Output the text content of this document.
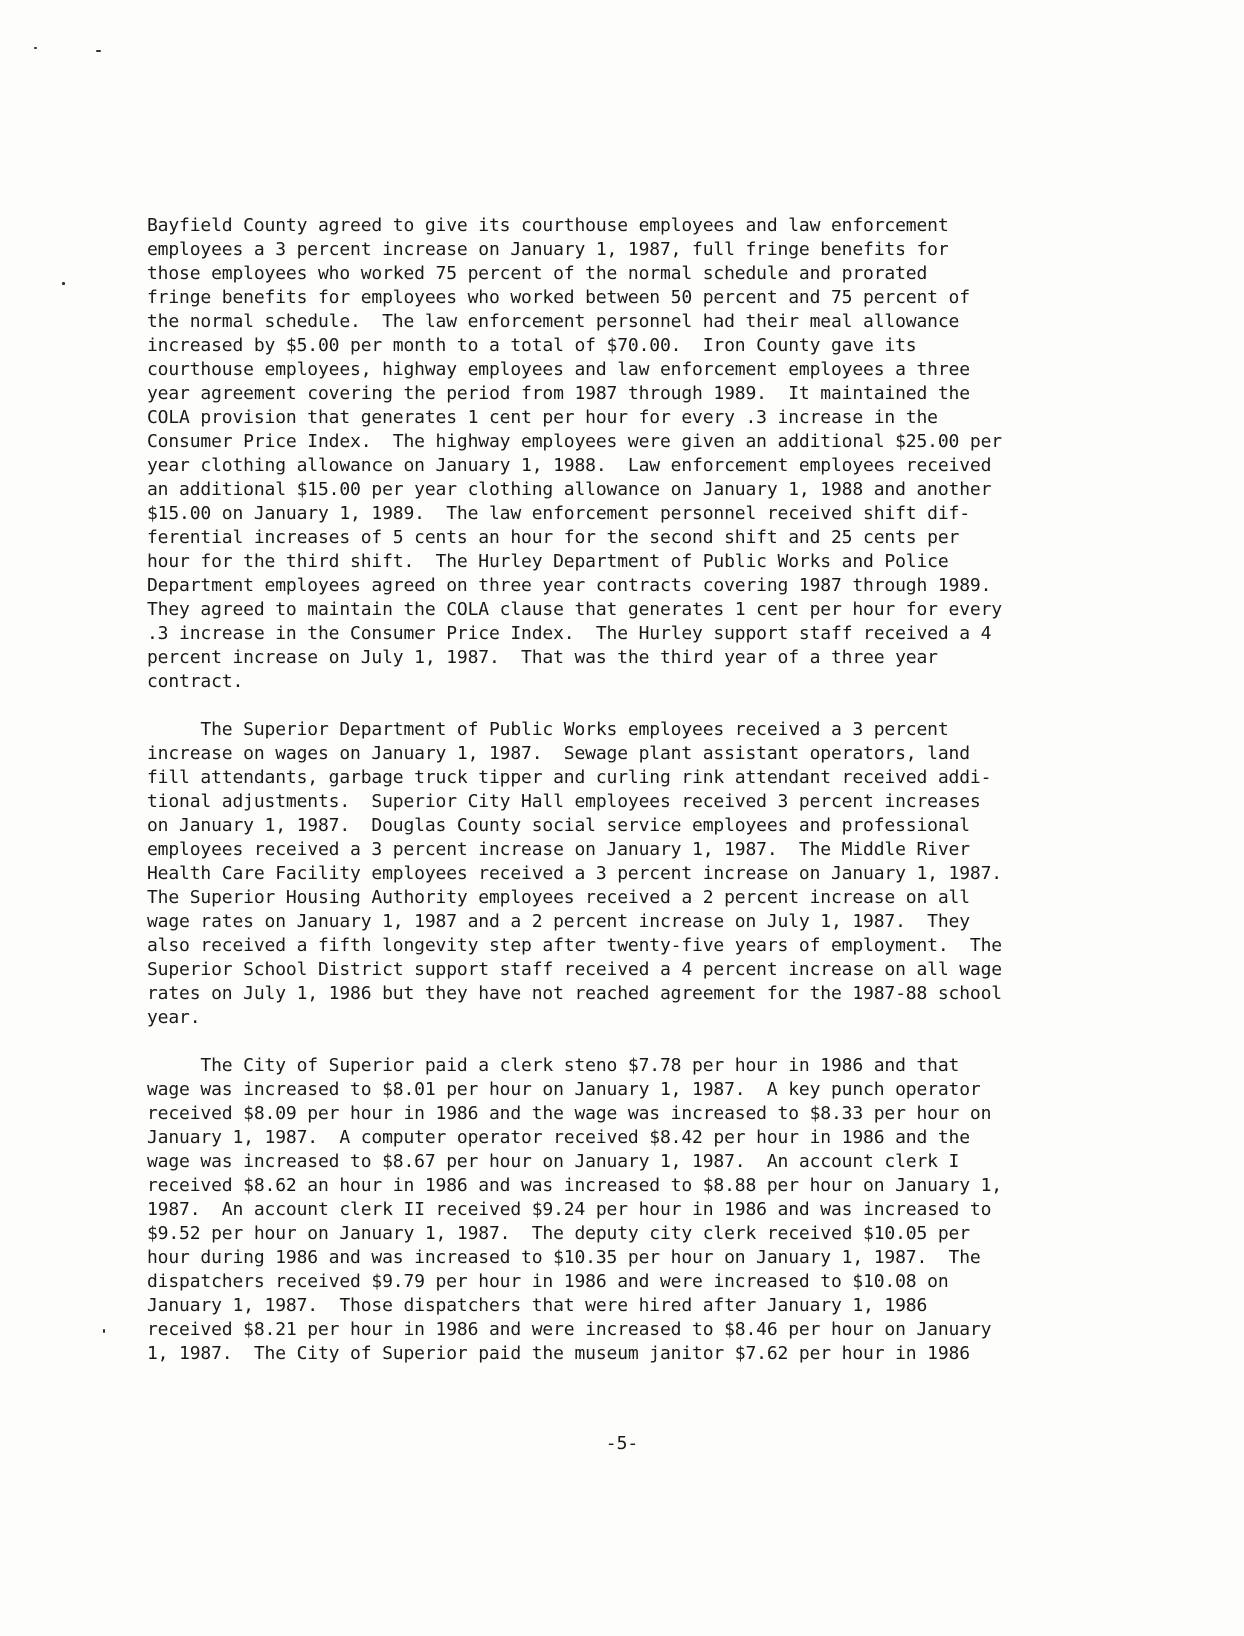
Bayfield County agreed to give its courthouse employees and law enforcement
employees a 3 percent increase on January 1, 1987, full fringe benefits for
those employees who worked 75 percent of the normal schedule and prorated
fringe benefits for employees who worked between 50 percent and 75 percent of
the normal schedule.  The law enforcement personnel had their meal allowance
increased by $5.00 per month to a total of $70.00.  Iron County gave its
courthouse employees, highway employees and law enforcement employees a three
year agreement covering the period from 1987 through 1989.  It maintained the
COLA provision that generates 1 cent per hour for every .3 increase in the
Consumer Price Index.  The highway employees were given an additional $25.00 per
year clothing allowance on January 1, 1988.  Law enforcement employees received
an additional $15.00 per year clothing allowance on January 1, 1988 and another
$15.00 on January 1, 1989.  The law enforcement personnel received shift dif-
ferential increases of 5 cents an hour for the second shift and 25 cents per
hour for the third shift.  The Hurley Department of Public Works and Police
Department employees agreed on three year contracts covering 1987 through 1989.
They agreed to maintain the COLA clause that generates 1 cent per hour for every
.3 increase in the Consumer Price Index.  The Hurley support staff received a 4
percent increase on July 1, 1987.  That was the third year of a three year
contract.
The Superior Department of Public Works employees received a 3 percent
increase on wages on January 1, 1987.  Sewage plant assistant operators, land
fill attendants, garbage truck tipper and curling rink attendant received addi-
tional adjustments.  Superior City Hall employees received 3 percent increases
on January 1, 1987.  Douglas County social service employees and professional
employees received a 3 percent increase on January 1, 1987.  The Middle River
Health Care Facility employees received a 3 percent increase on January 1, 1987.
The Superior Housing Authority employees received a 2 percent increase on all
wage rates on January 1, 1987 and a 2 percent increase on July 1, 1987.  They
also received a fifth longevity step after twenty-five years of employment.  The
Superior School District support staff received a 4 percent increase on all wage
rates on July 1, 1986 but they have not reached agreement for the 1987-88 school
year.
The City of Superior paid a clerk steno $7.78 per hour in 1986 and that
wage was increased to $8.01 per hour on January 1, 1987.  A key punch operator
received $8.09 per hour in 1986 and the wage was increased to $8.33 per hour on
January 1, 1987.  A computer operator received $8.42 per hour in 1986 and the
wage was increased to $8.67 per hour on January 1, 1987.  An account clerk I
received $8.62 an hour in 1986 and was increased to $8.88 per hour on January 1,
1987.  An account clerk II received $9.24 per hour in 1986 and was increased to
$9.52 per hour on January 1, 1987.  The deputy city clerk received $10.05 per
hour during 1986 and was increased to $10.35 per hour on January 1, 1987.  The
dispatchers received $9.79 per hour in 1986 and were increased to $10.08 on
January 1, 1987.  Those dispatchers that were hired after January 1, 1986
received $8.21 per hour in 1986 and were increased to $8.46 per hour on January
1, 1987.  The City of Superior paid the museum janitor $7.62 per hour in 1986
-5-
